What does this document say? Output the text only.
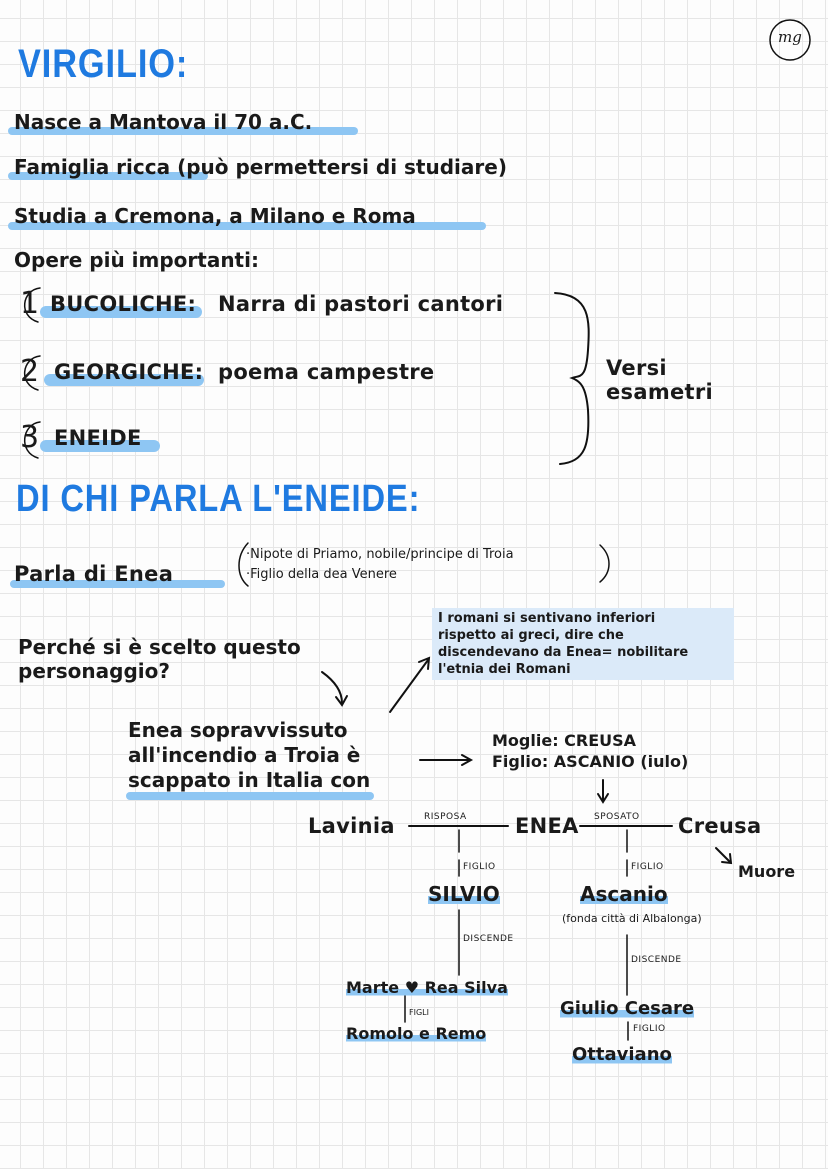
mg
VIRGILIO:
Nasce a Mantova il 70 a.C.
Famiglia ricca (può permettersi di studiare)
Studia a Cremona, a Milano e Roma
Opere più importanti:
1 BUCOLICHE: Narra di pastori cantori
2 GEORGICHE: poema campestre
3 ENEIDE
Versi
esametri
DI CHI PARLA L'ENEIDE:
Parla di Enea
·Nipote di Priamo, nobile/principe di Troia
·Figlio della dea Venere
Perché si è scelto questo
personaggio?
I romani si sentivano inferiori
rispetto ai greci, dire che
discendevano da Enea= nobilitare
l'etnia dei Romani
Enea sopravvissuto
all'incendio a Troia è
scappato in Italia con
Moglie: CREUSA
Figlio: ASCANIO (iulo)
Lavinia	RISPOSA ENEA SPOSATO Creusa
Muore
FIGLIO	FIGLIO
SILVIO	Ascanio
(fonda città di Albalonga)
DISCENDE
DISCENDE
Marte ♥ Rea Silva
FIGLI
Romolo e Remo
Giulio Cesare
FIGLIO
Ottaviano
